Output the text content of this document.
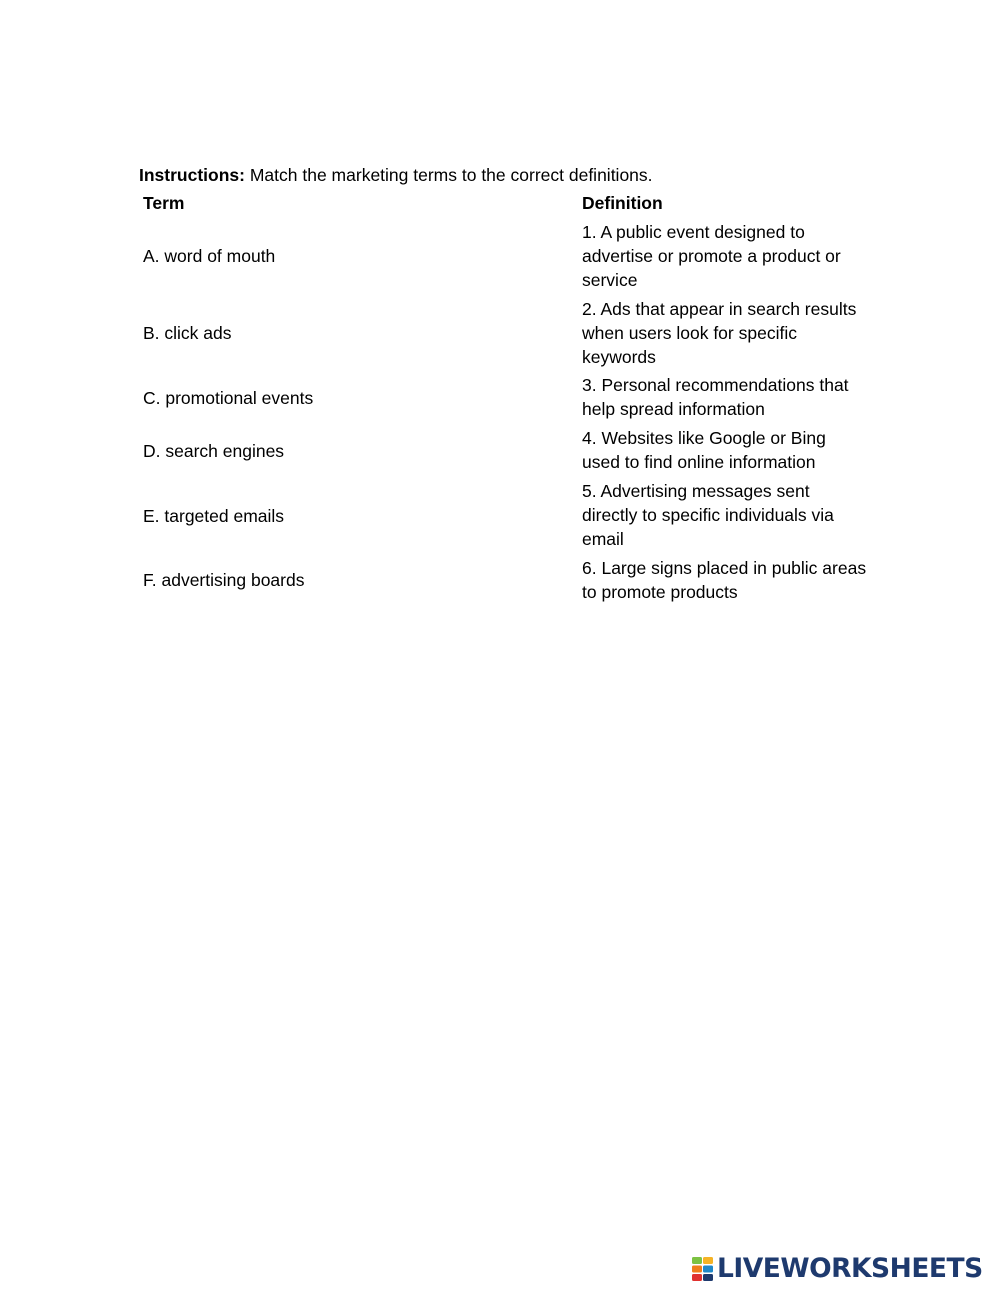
Instructions: Match the marketing terms to the correct definitions.
Term	Definition
A. word of mouth
B. click ads
C. promotional events
D. search engines
E. targeted emails
F. advertising boards
1. A public event designed to advertise or promote a product or service
2. Ads that appear in search results when users look for specific keywords
3. Personal recommendations that help spread information
4. Websites like Google or Bing used to find online information
5. Advertising messages sent directly to specific individuals via email
6. Large signs placed in public areas to promote products
LIVEWORKSHEETS
